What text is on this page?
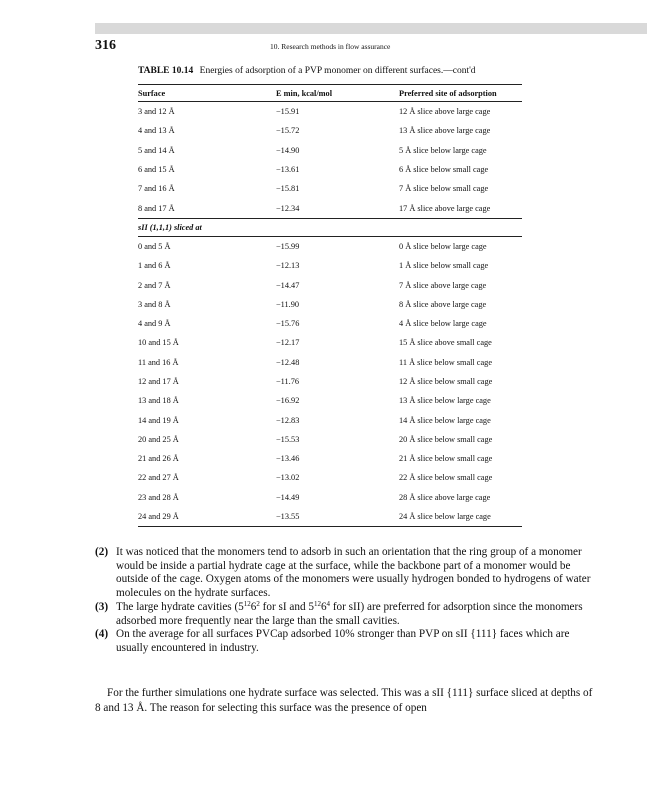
316	10. Research methods in flow assurance
TABLE 10.14 Energies of adsorption of a PVP monomer on different surfaces.—cont'd
Surface	E min, kcal/mol	Preferred site of adsorption
3 and 12 Å	−15.91	12 Å slice above large cage
4 and 13 Å	−15.72	13 Å slice above large cage
5 and 14 Å	−14.90	5 Å slice below large cage
6 and 15 Å	−13.61	6 Å slice below small cage
7 and 16 Å	−15.81	7 Å slice below small cage
8 and 17 Å	−12.34	17 Å slice above large cage
sII (1,1,1) sliced at		
0 and 5 Å	−15.99	0 Å slice below large cage
1 and 6 Å	−12.13	1 Å slice below small cage
2 and 7 Å	−14.47	7 Å slice above large cage
3 and 8 Å	−11.90	8 Å slice above large cage
4 and 9 Å	−15.76	4 Å slice below large cage
10 and 15 Å	−12.17	15 Å slice above small cage
11 and 16 Å	−12.48	11 Å slice below small cage
12 and 17 Å	−11.76	12 Å slice below small cage
13 and 18 Å	−16.92	13 Å slice below large cage
14 and 19 Å	−12.83	14 Å slice below large cage
20 and 25 Å	−15.53	20 Å slice below small cage
21 and 26 Å	−13.46	21 Å slice below small cage
22 and 27 Å	−13.02	22 Å slice below small cage
23 and 28 Å	−14.49	28 Å slice above large cage
24 and 29 Å	−13.55	24 Å slice below large cage
(2) It was noticed that the monomers tend to adsorb in such an orientation that the ring group of a monomer would be inside a partial hydrate cage at the surface, while the backbone part of a monomer would be outside of the cage. Oxygen atoms of the monomers were usually hydrogen bonded to hydrogens of water molecules on the hydrate surfaces.
(3) The large hydrate cavities ($5^{12}6^2$ for sI and $5^{12}6^4$ for sII) are preferred for adsorption since the monomers adsorbed more frequently near the large than the small cavities.
(4) On the average for all surfaces PVCap adsorbed 10% stronger than PVP on sII {111} faces which are usually encountered in industry.
For the further simulations one hydrate surface was selected. This was a sII {111} surface sliced at depths of 8 and 13 Å. The reason for selecting this surface was the presence of open
